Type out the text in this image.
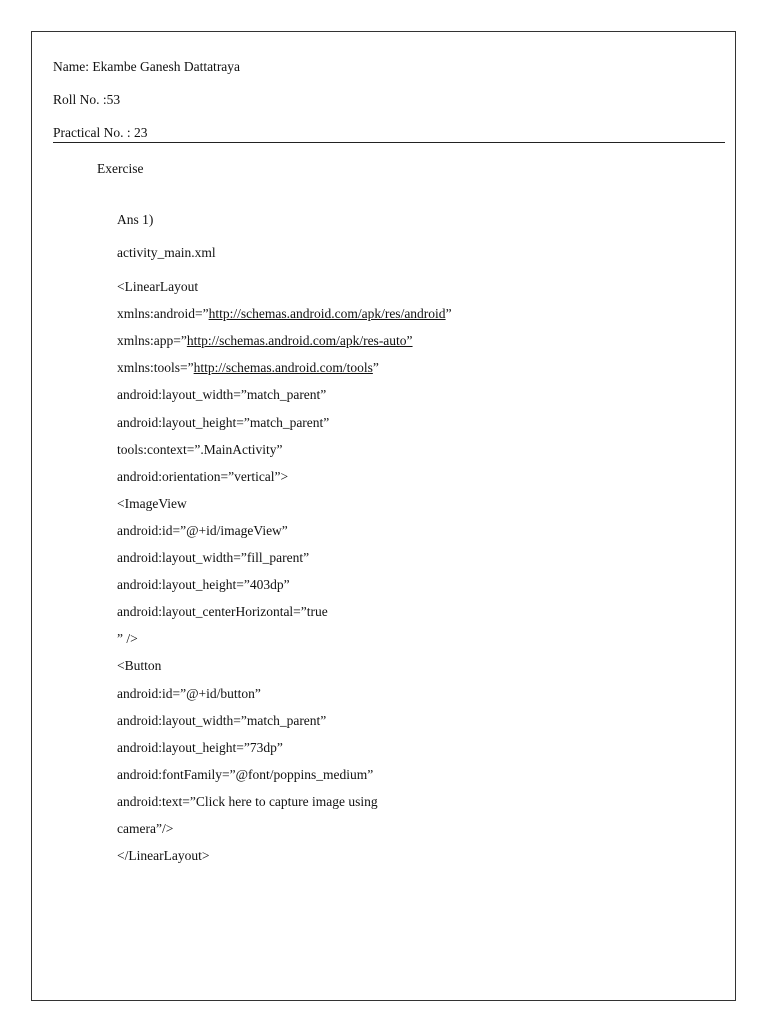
Name: Ekambe Ganesh Dattatraya
Roll No. :53
Practical No. : 23
Exercise
Ans 1)
activity_main.xml
<LinearLayout
xmlns:android=”http://schemas.android.com/apk/res/android”
xmlns:app=”http://schemas.android.com/apk/res-auto”
xmlns:tools=”http://schemas.android.com/tools”
android:layout_width=”match_parent”
android:layout_height=”match_parent”
tools:context=”.MainActivity”
android:orientation=”vertical”>
<ImageView
android:id=”@+id/imageView”
android:layout_width=”fill_parent”
android:layout_height=”403dp”
android:layout_centerHorizontal=”true
” />
<Button
android:id=”@+id/button”
android:layout_width=”match_parent”
android:layout_height=”73dp”
android:fontFamily=”@font/poppins_medium”
android:text=”Click here to capture image using
camera”/>
</LinearLayout>
